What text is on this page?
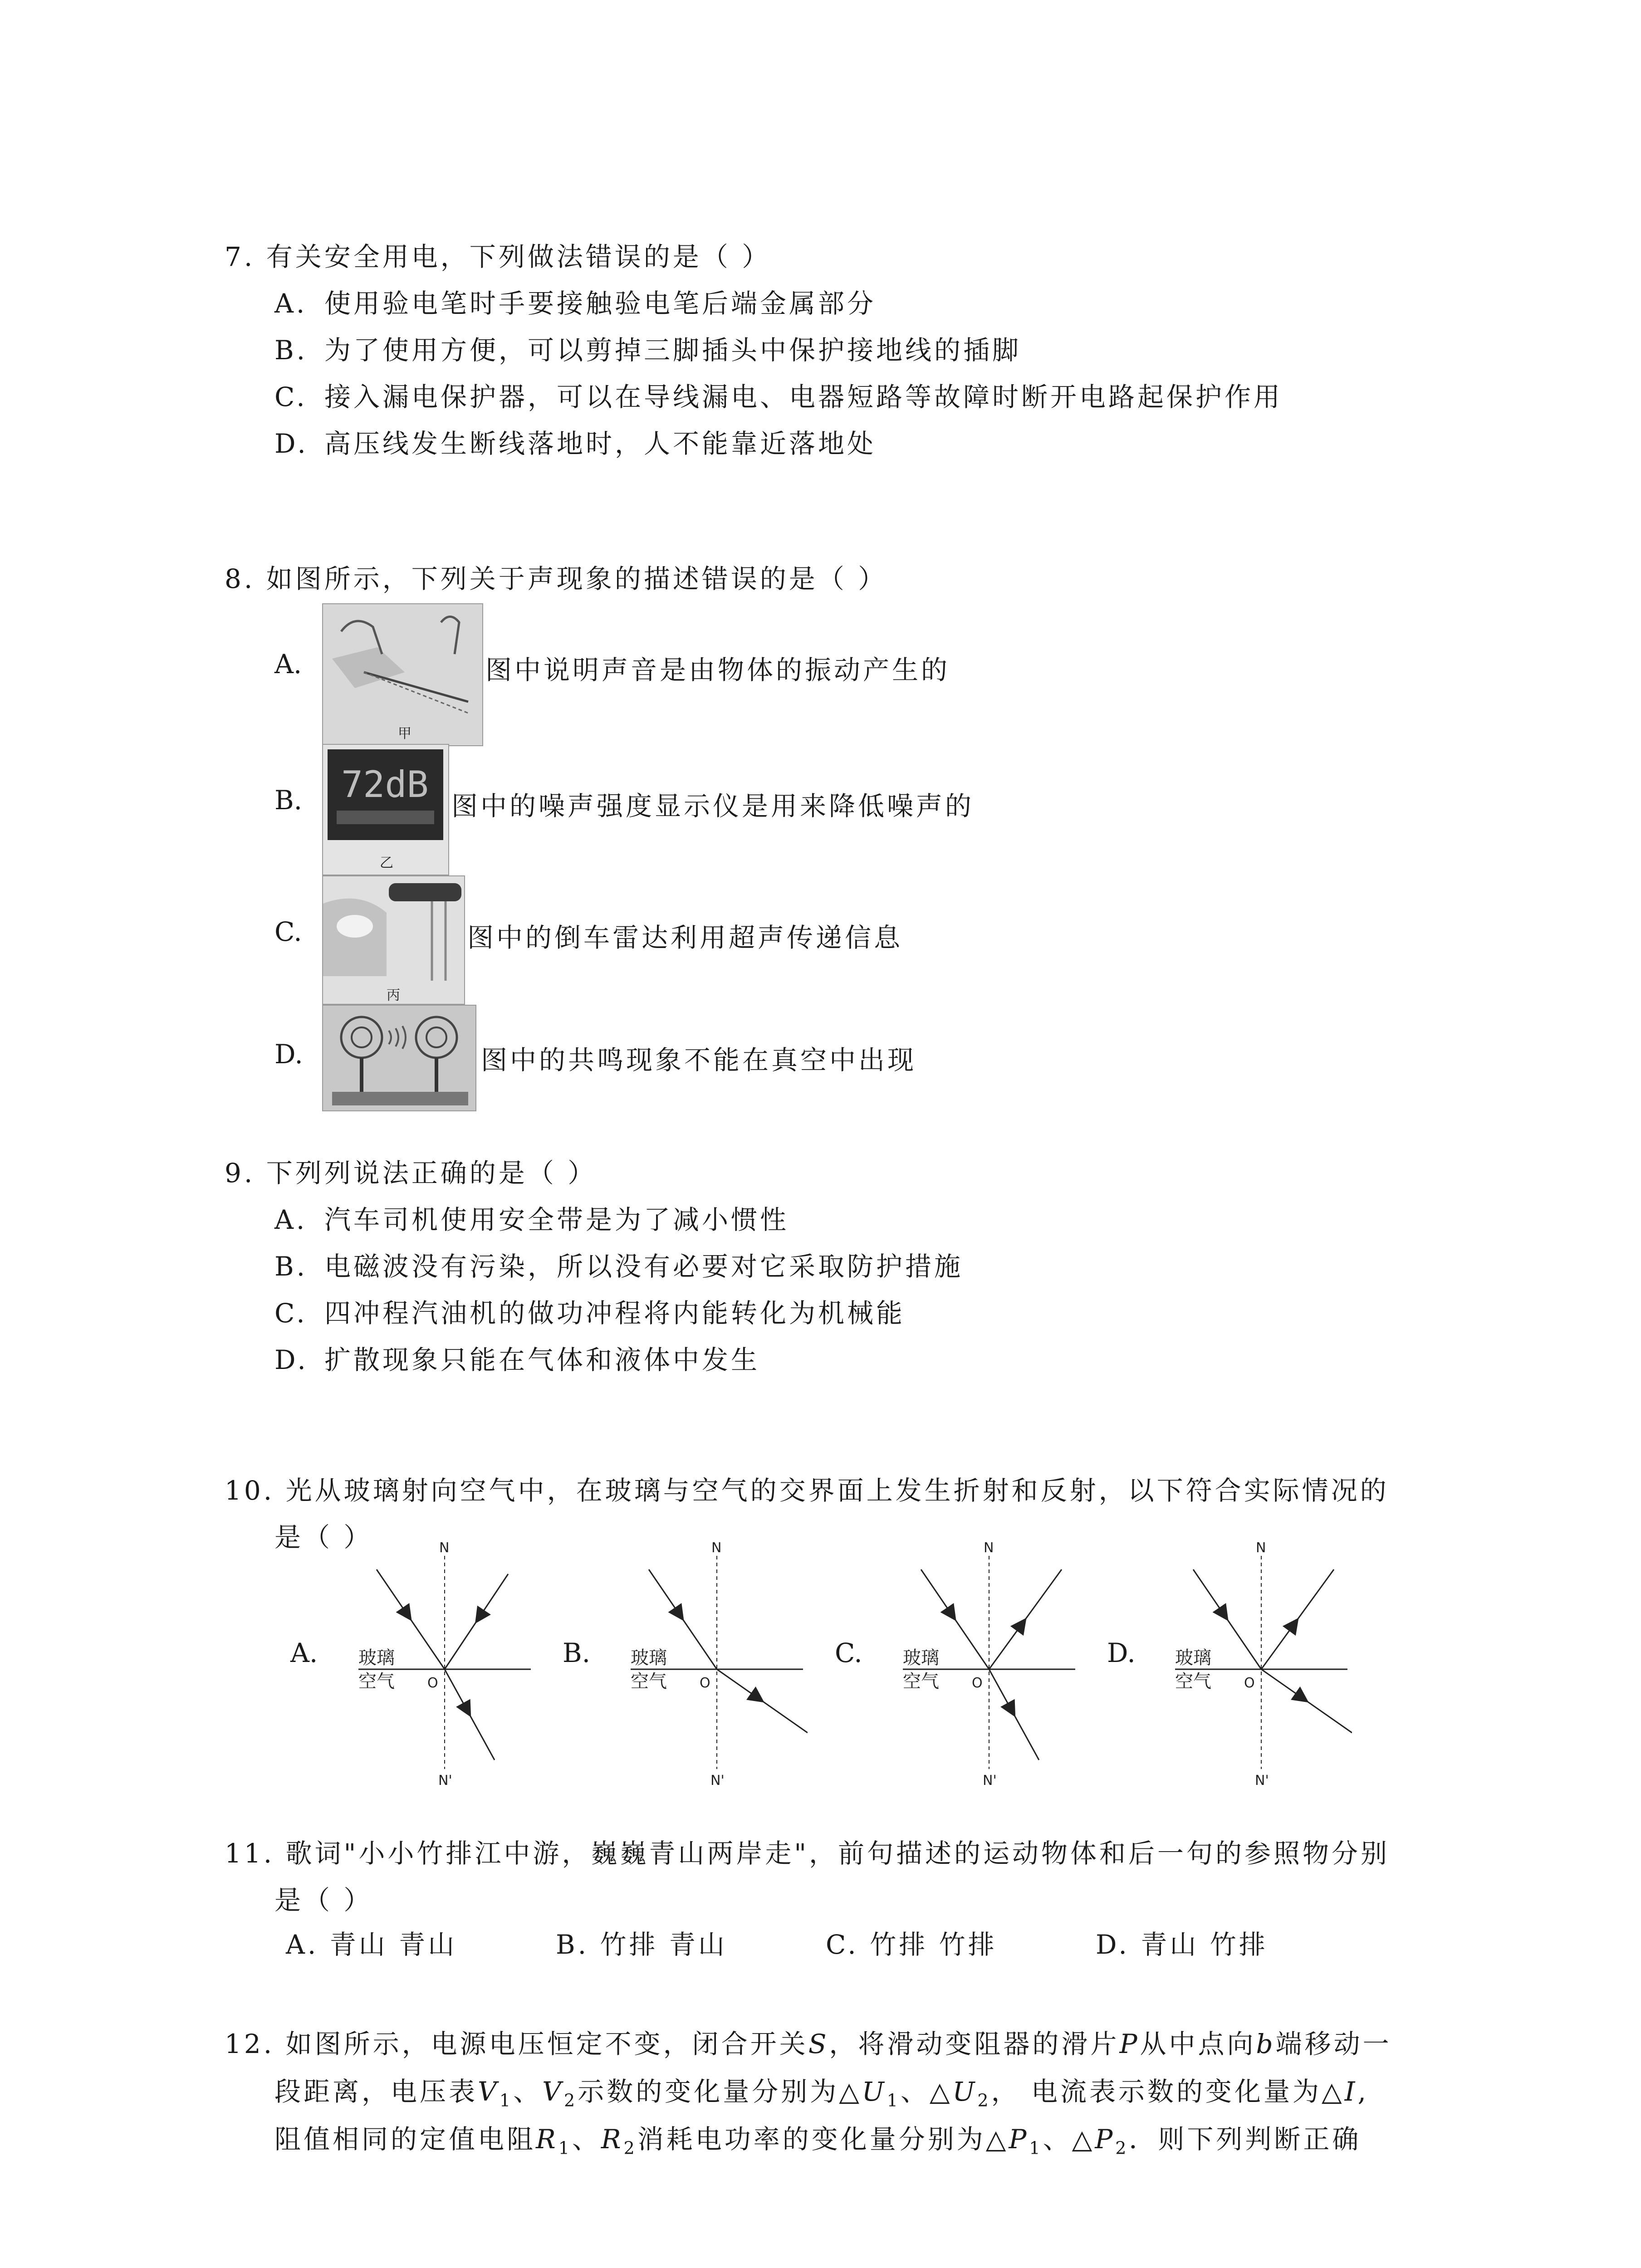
7. 有关安全用电，下列做法错误的是（ ）
A. 使用验电笔时手要接触验电笔后端金属部分
B. 为了使用方便，可以剪掉三脚插头中保护接地线的插脚
C. 接入漏电保护器，可以在导线漏电、电器短路等故障时断开电路起保护作用
D. 高压线发生断线落地时，人不能靠近落地处
8. 如图所示，下列关于声现象的描述错误的是（ ）
A.
甲
图中说明声音是由物体的振动产生的
B. 72dB
乙
图中的噪声强度显示仪是用来降低噪声的
C.
丙
图中的倒车雷达利用超声传递信息
D.	图中的共鸣现象不能在真空中出现
9. 下列列说法正确的是（ ）
A. 汽车司机使用安全带是为了减小惯性
B. 电磁波没有污染，所以没有必要对它采取防护措施
C. 四冲程汽油机的做功冲程将内能转化为机械能
D. 扩散现象只能在气体和液体中发生
10. 光从玻璃射向空气中，在玻璃与空气的交界面上发生折射和反射，以下符合实际情况的
是（ ）
A.
N
N'
O
玻璃
空气
B.
N
N'
O
玻璃
空气
C.
N
N'
O
玻璃
空气
D.
N
N'
O
玻璃
空气
11. 歌词"小小竹排江中游，巍巍青山两岸走"，前句描述的运动物体和后一句的参照物分别
是（ ）
A. 青山 青山	B. 竹排 青山	C. 竹排 竹排	D. 青山 竹排
12. 如图所示，电源电压恒定不变，闭合开关S，将滑动变阻器的滑片P从中点向b端移动一
段距离，电压表$V_1$、$V_2$示数的变化量分别为$\triangle U_1$、$\triangle U_2$， 电流表示数的变化量为△I,
阻值相同的定值电阻$R_1$、$R_2$消耗电功率的变化量分别为$\triangle P_1$、$\triangle P_2$．则下列判断正确
